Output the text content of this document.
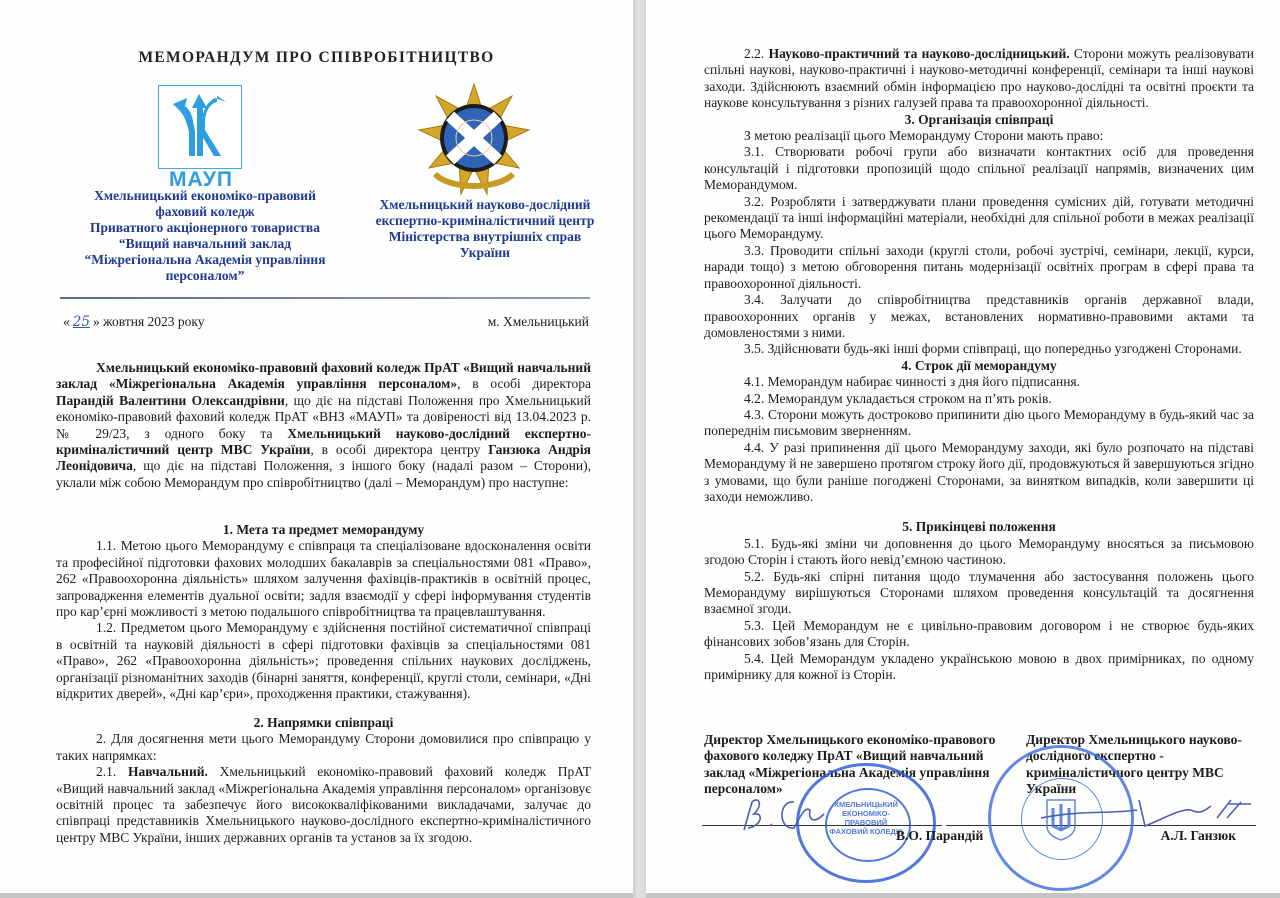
МЕМОРАНДУМ ПРО СПІВРОБІТНИЦТВО
МАУП
Хмельницький економіко-правовий
фаховий коледж
Приватного акціонерного товариства
“Вищий навчальний заклад
“Міжрегіональна Академія управління
персоналом”
Хмельницький науково-дослідний
експертно-криміналістичний центр
Міністерства внутрішніх справ
України
« 25 » жовтня 2023 року	м. Хмельницький

Хмельницький економіко-правовий фаховий коледж ПрАТ «Вищий навчальний заклад «Міжрегіональна Академія управління персоналом», в особі директора Парандій Валентини Олександрівни, що діє на підставі Положення про Хмельницький економіко-правовий фаховий коледж ПрАТ «ВНЗ «МАУП» та довіреності від 13.04.2023 р. № 29/23, з одного боку та Хмельницький науково-дослідний експертно-криміналістичний центр МВС України, в особі директора центру Ганзюка Андрія Леонідовича, що діє на підставі Положення, з іншого боку (надалі разом – Сторони), уклали між собою Меморандум про співробітництво (далі – Меморандум) про наступне:

1. Мета та предмет меморандуму

1.1. Метою цього Меморандуму є співпраця та спеціалізоване вдосконалення освіти та професійної підготовки фахових молодших бакалаврів за спеціальностями 081 «Право», 262 «Правоохоронна діяльність» шляхом залучення фахівців-практиків в освітній процес, запровадження елементів дуальної освіти; задля взаємодії у сфері інформування студентів про кар’єрні можливості з метою подальшого співробітництва та працевлаштування.

1.2. Предметом цього Меморандуму є здійснення постійної систематичної співпраці в освітній та науковій діяльності в сфері підготовки фахівців за спеціальностями 081 «Право», 262 «Правоохоронна діяльність»; проведення спільних наукових досліджень, організації різноманітних заходів (бінарні заняття, конференції, круглі столи, семінари, «Дні відкритих дверей», «Дні кар’єри», проходження практики, стажування).

2. Напрямки співпраці

2. Для досягнення мети цього Меморандуму Сторони домовилися про співпрацю у таких напрямках:

2.1. Навчальний. Хмельницький економіко-правовий фаховий коледж ПрАТ «Вищий навчальний заклад «Міжрегіональна Академія управління персоналом» організовує освітній процес та забезпечує його висококваліфікованими викладачами, залучає до співпраці представників Хмельницького науково-дослідного експертно-криміналістичного центру МВС України, інших державних органів та установ за їх згодою.

2.2. Науково-практичний та науково-дослідницький. Сторони можуть реалізовувати спільні наукові, науково-практичні і науково-методичні конференції, семінари та інші наукові заходи. Здійснюють взаємний обмін інформацією про науково-дослідні та освітні проєкти та наукове консультування з різних галузей права та правоохоронної діяльності.

3. Організація співпраці

З метою реалізації цього Меморандуму Сторони мають право:

3.1. Створювати робочі групи або визначати контактних осіб для проведення консультацій і підготовки пропозицій щодо спільної реалізації напрямів, визначених цим Меморандумом.

3.2. Розробляти і затверджувати плани проведення сумісних дій, готувати методичні рекомендації та інші інформаційні матеріали, необхідні для спільної роботи в межах реалізації цього Меморандуму.

3.3. Проводити спільні заходи (круглі столи, робочі зустрічі, семінари, лекції, курси, наради тощо) з метою обговорення питань модернізації освітніх програм в сфері права та правоохоронної діяльності.

3.4. Залучати до співробітництва представників органів державної влади, правоохоронних органів у межах, встановлених нормативно-правовими актами та домовленостями з ними.

3.5. Здійснювати будь-які інші форми співпраці, що попередньо узгоджені Сторонами.

4. Строк дії меморандуму

4.1. Меморандум набирає чинності з дня його підписання.

4.2. Меморандум укладається строком на п’ять років.

4.3. Сторони можуть достроково припинити дію цього Меморандуму в будь-який час за попереднім письмовим зверненням.

4.4. У разі припинення дії цього Меморандуму заходи, які було розпочато на підставі Меморандуму й не завершено протягом строку його дії, продовжуються й завершуються згідно з умовами, що були раніше погоджені Сторонами, за винятком випадків, коли завершити ці заходи неможливо.

5. Прикінцеві положення

5.1. Будь-які зміни чи доповнення до цього Меморандуму вносяться за письмовою згодою Сторін і стають його невід’ємною частиною.

5.2. Будь-які спірні питання щодо тлумачення або застосування положень цього Меморандуму вирішуються Сторонами шляхом проведення консультацій та досягнення взаємної згоди.

5.3. Цей Меморандум не є цивільно-правовим договором і не створює будь-яких фінансових зобов’язань для Сторін.

5.4. Цей Меморандум укладено українською мовою в двох примірниках, по одному примірнику для кожної із Сторін.

Директор Хмельницького економіко-правового фахового коледжу ПрАТ «Вищий навчальний заклад «Міжрегіональна Академія управління персоналом»
Директор Хмельницького науково-дослідного експертно - криміналістичного центру МВС України
ХМЕЛЬНИЦЬКИЙ
ЕКОНОМІКО-ПРАВОВИЙ
ФАХОВИЙ КОЛЕДЖ
В.О. Парандій	А.Л. Ганзюк
